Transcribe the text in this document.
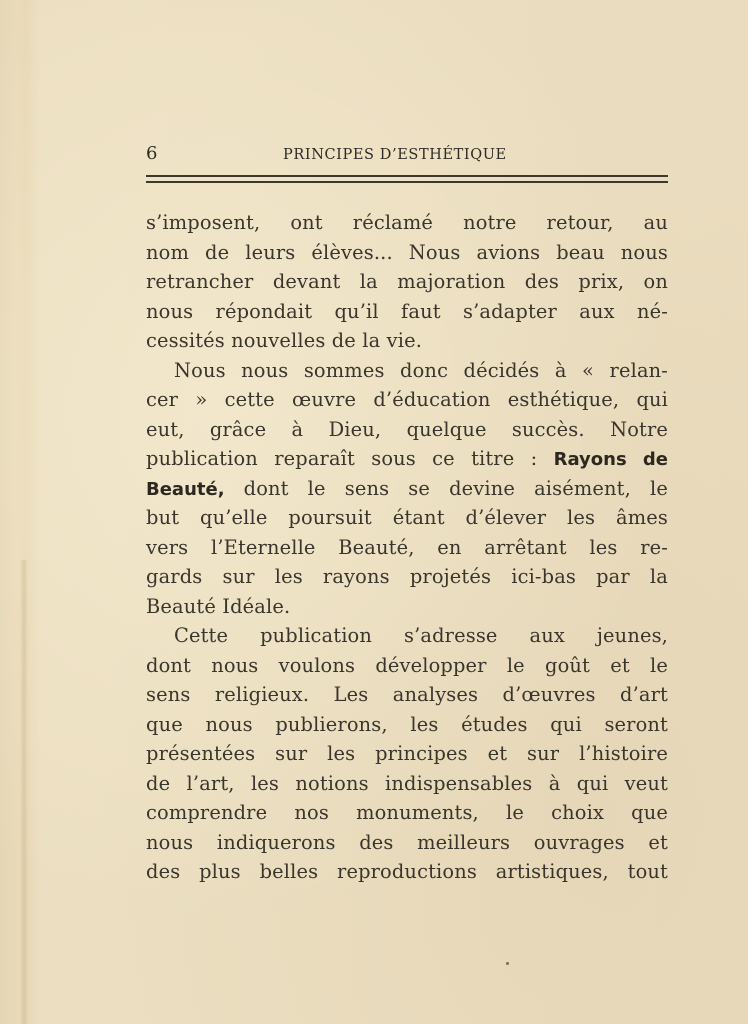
6	PRINCIPES D’ESTHÉTIQUE
s’imposent, ont réclamé notre retour, au
nom de leurs élèves... Nous avions beau nous
retrancher devant la majoration des prix, on
nous répondait qu’il faut s’adapter aux né-
cessités nouvelles de la vie.
Nous nous sommes donc décidés à « relan-
cer » cette œuvre d’éducation esthétique, qui
eut, grâce à Dieu, quelque succès. Notre
publication reparaît sous ce titre : Rayons de
Beauté, dont le sens se devine aisément, le
but qu’elle poursuit étant d’élever les âmes
vers l’Eternelle Beauté, en arrêtant les re-
gards sur les rayons projetés ici-bas par la
Beauté Idéale.
Cette publication s’adresse aux jeunes,
dont nous voulons développer le goût et le
sens religieux. Les analyses d’œuvres d’art
que nous publierons, les études qui seront
présentées sur les principes et sur l’histoire
de l’art, les notions indispensables à qui veut
comprendre nos monuments, le choix que
nous indiquerons des meilleurs ouvrages et
des plus belles reproductions artistiques, tout
